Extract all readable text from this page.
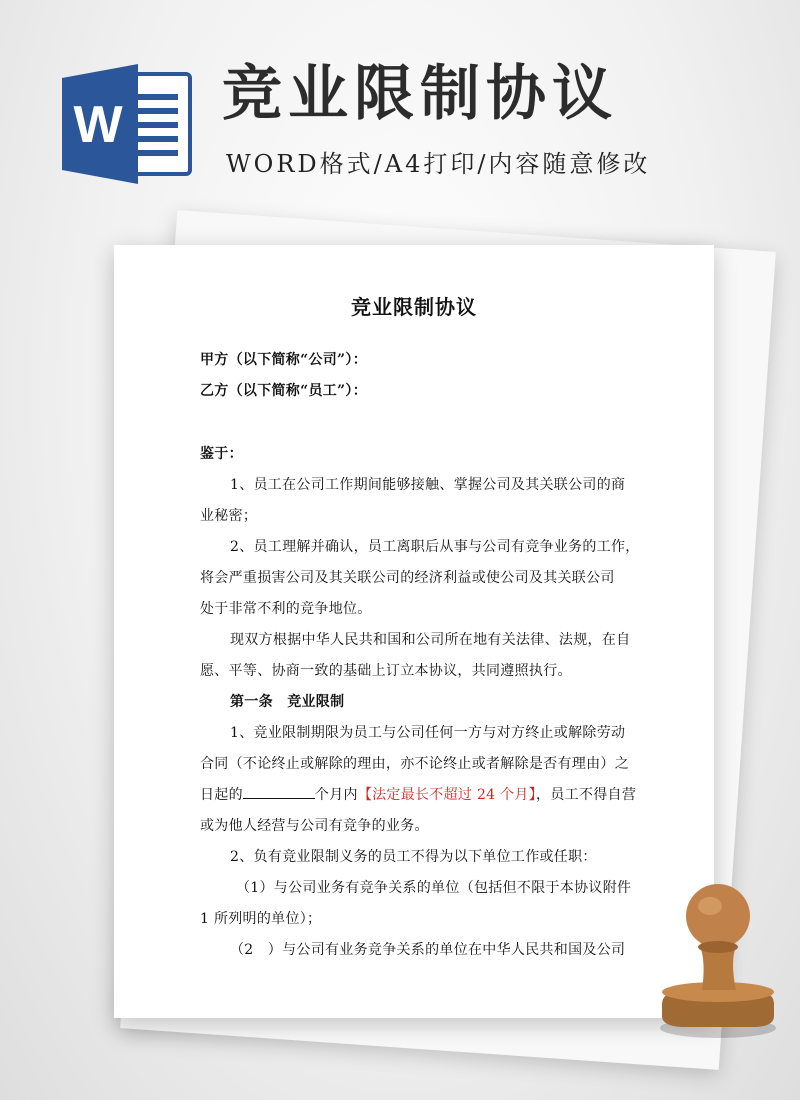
W 竞业限制协议

WORD格式/A4打印/内容随意修改

竞业限制协议
甲方（以下简称“公司”）：
乙方（以下简称“员工”）：
鉴于：
1、员工在公司工作期间能够接触、掌握公司及其关联公司的商
业秘密；
2、员工理解并确认，员工离职后从事与公司有竞争业务的工作，
将会严重损害公司及其关联公司的经济利益或使公司及其关联公司
处于非常不利的竞争地位。
现双方根据中华人民共和国和公司所在地有关法律、法规，在自
愿、平等、协商一致的基础上订立本协议，共同遵照执行。
第一条　竞业限制
1、竞业限制期限为员工与公司任何一方与对方终止或解除劳动
合同（不论终止或解除的理由，亦不论终止或者解除是否有理由）之
日起的	个月内【法定最长不超过 24 个月】，员工不得自营
或为他人经营与公司有竞争的业务。
2、负有竞业限制义务的员工不得为以下单位工作或任职：
（1）与公司业务有竞争关系的单位（包括但不限于本协议附件
1 所列明的单位）；
（2　）与公司有业务竞争关系的单位在中华人民共和国及公司
